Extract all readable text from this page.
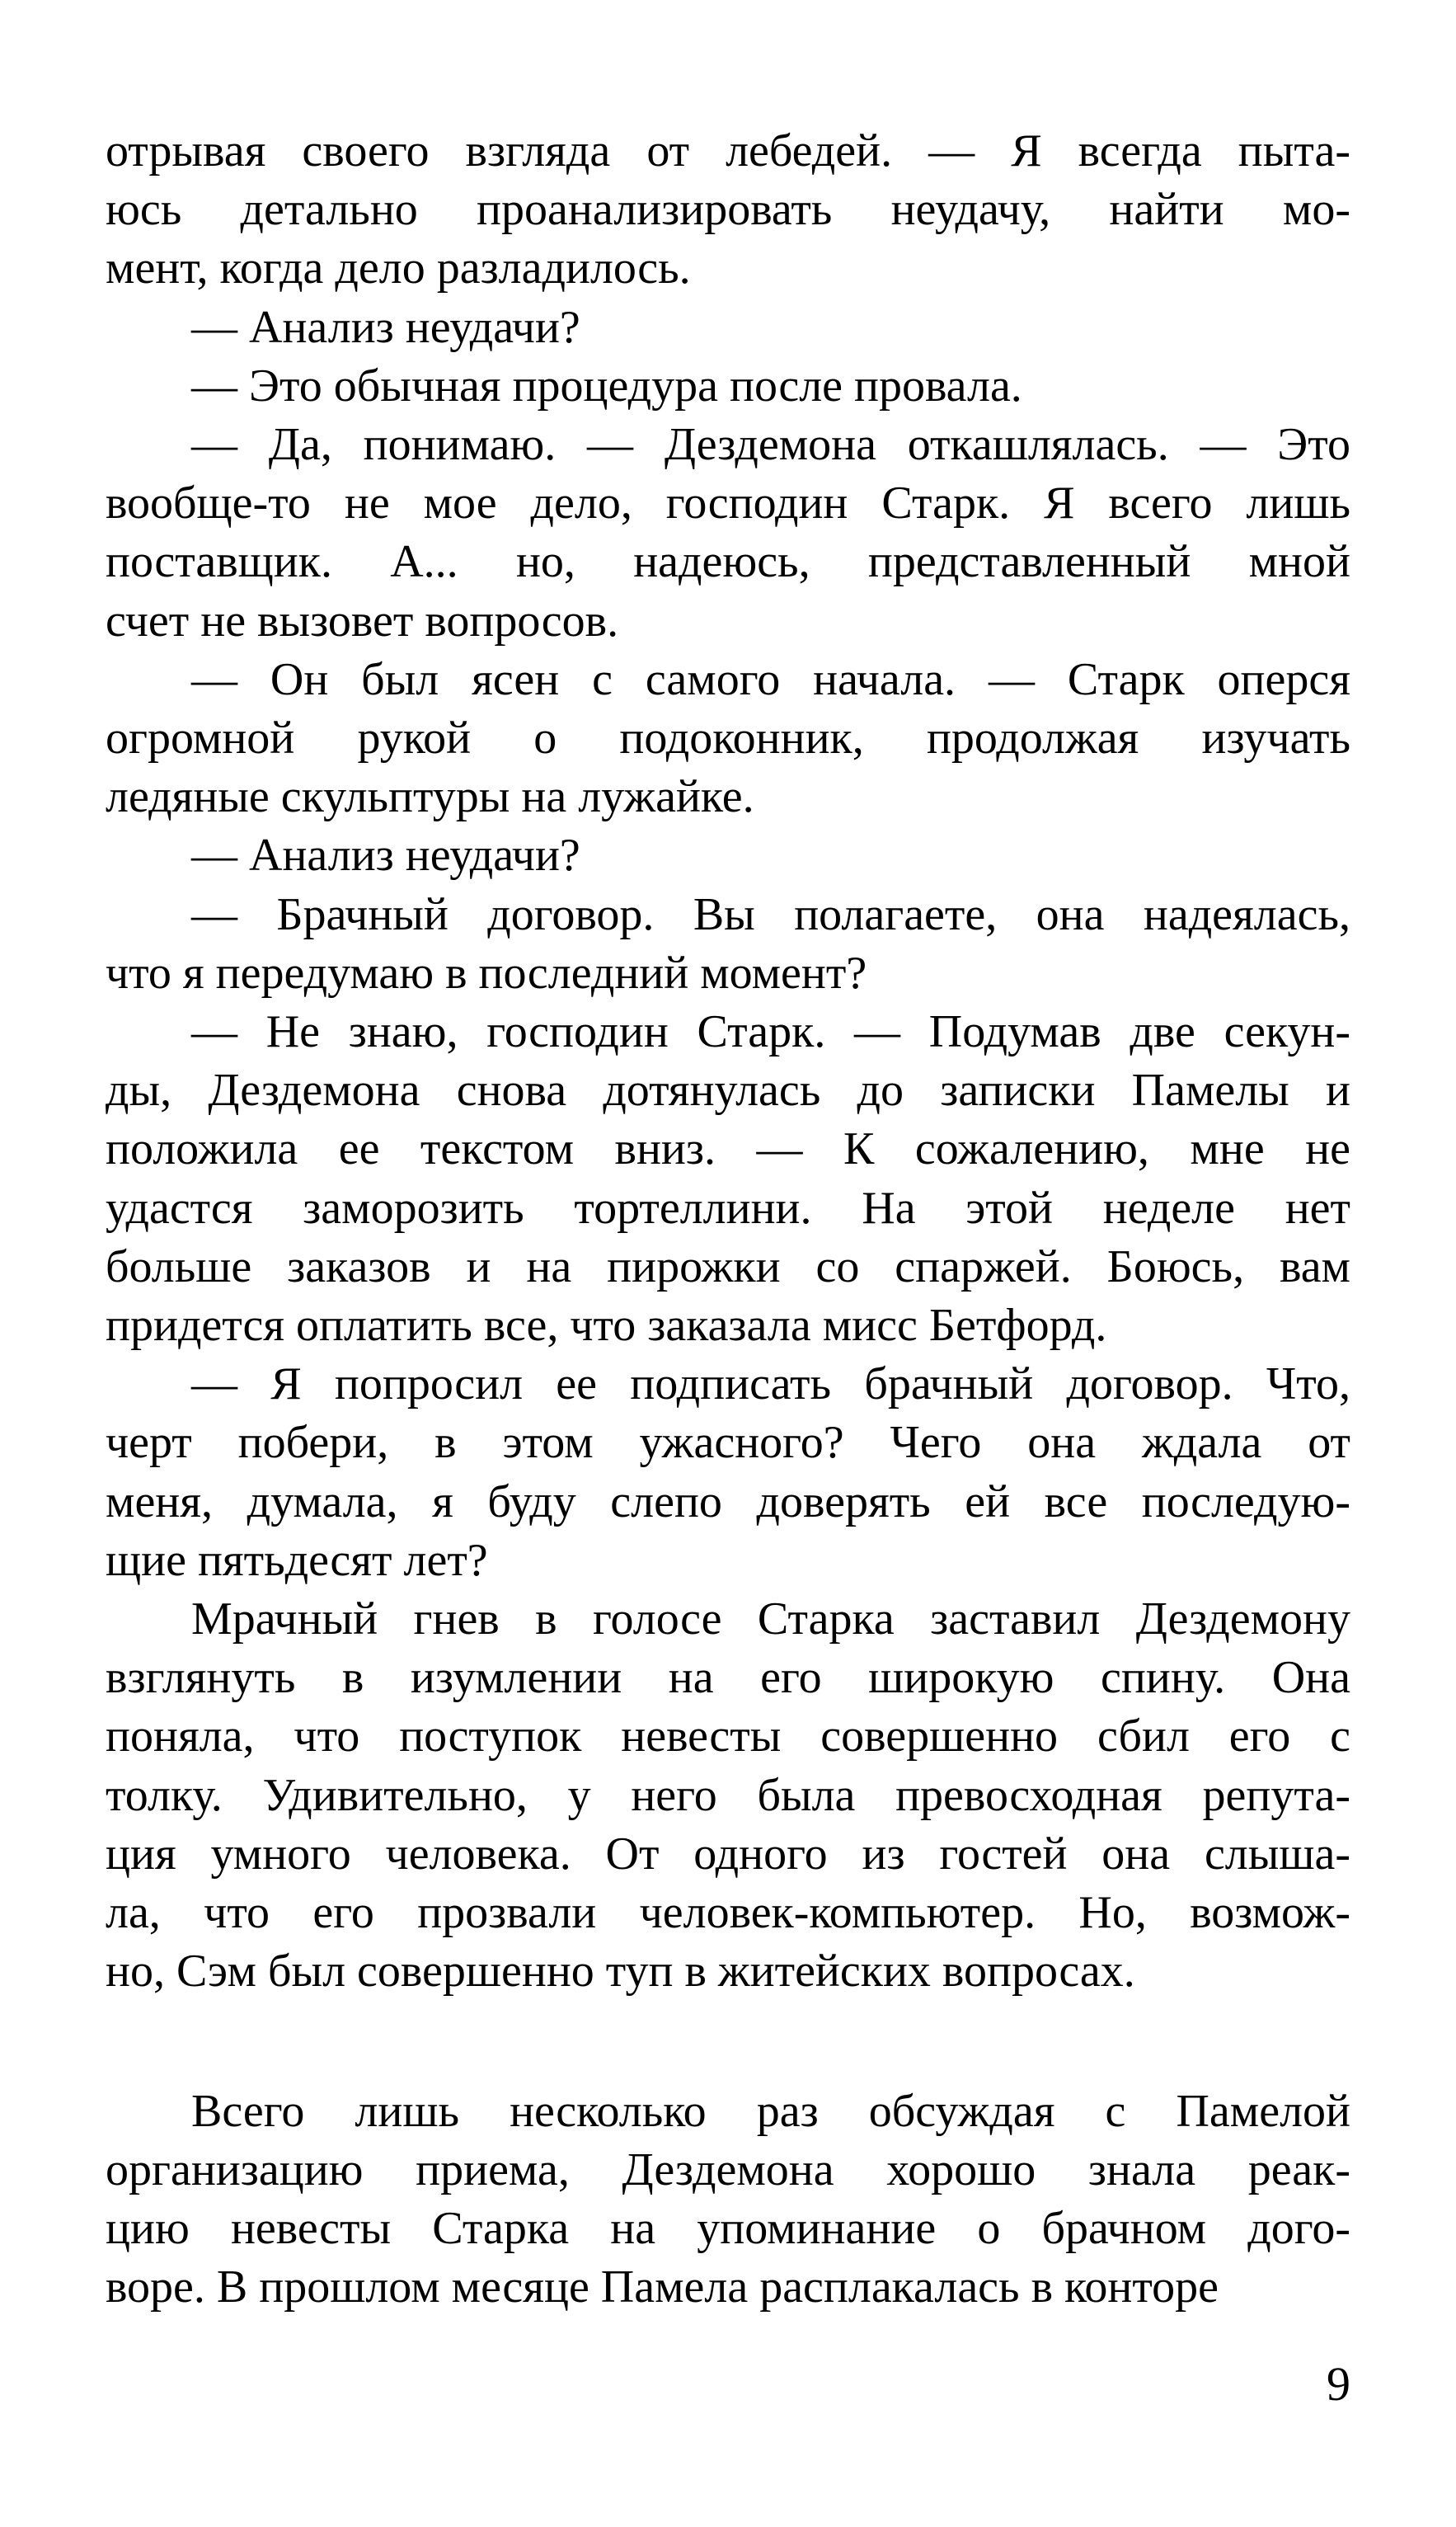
отрывая своего взгляда от лебедей. — Я всегда пыта-
юсь детально проанализировать неудачу, найти мо-
мент, когда дело разладилось.
— Анализ неудачи?
— Это обычная процедура после провала.
— Да, понимаю. — Дездемона откашлялась. — Это
вообще-то не мое дело, господин Старк. Я всего лишь
поставщик. А... но, надеюсь, представленный мной
счет не вызовет вопросов.
— Он был ясен с самого начала. — Старк оперся
огромной рукой о подоконник, продолжая изучать
ледяные скульптуры на лужайке.
— Анализ неудачи?
— Брачный договор. Вы полагаете, она надеялась,
что я передумаю в последний момент?
— Не знаю, господин Старк. — Подумав две секун-
ды, Дездемона снова дотянулась до записки Памелы и
положила ее текстом вниз. — К сожалению, мне не
удастся заморозить тортеллини. На этой неделе нет
больше заказов и на пирожки со спаржей. Боюсь, вам
придется оплатить все, что заказала мисс Бетфорд.
— Я попросил ее подписать брачный договор. Что,
черт побери, в этом ужасного? Чего она ждала от
меня, думала, я буду слепо доверять ей все последую-
щие пятьдесят лет?
Мрачный гнев в голосе Старка заставил Дездемону
взглянуть в изумлении на его широкую спину. Она
поняла, что поступок невесты совершенно сбил его с
толку. Удивительно, у него была превосходная репута-
ция умного человека. От одного из гостей она слыша-
ла, что его прозвали человек-компьютер. Но, возмож-
но, Сэм был совершенно туп в житейских вопросах.
Всего лишь несколько раз обсуждая с Памелой
организацию приема, Дездемона хорошо знала реак-
цию невесты Старка на упоминание о брачном дого-
воре. В прошлом месяце Памела расплакалась в конторе
9
